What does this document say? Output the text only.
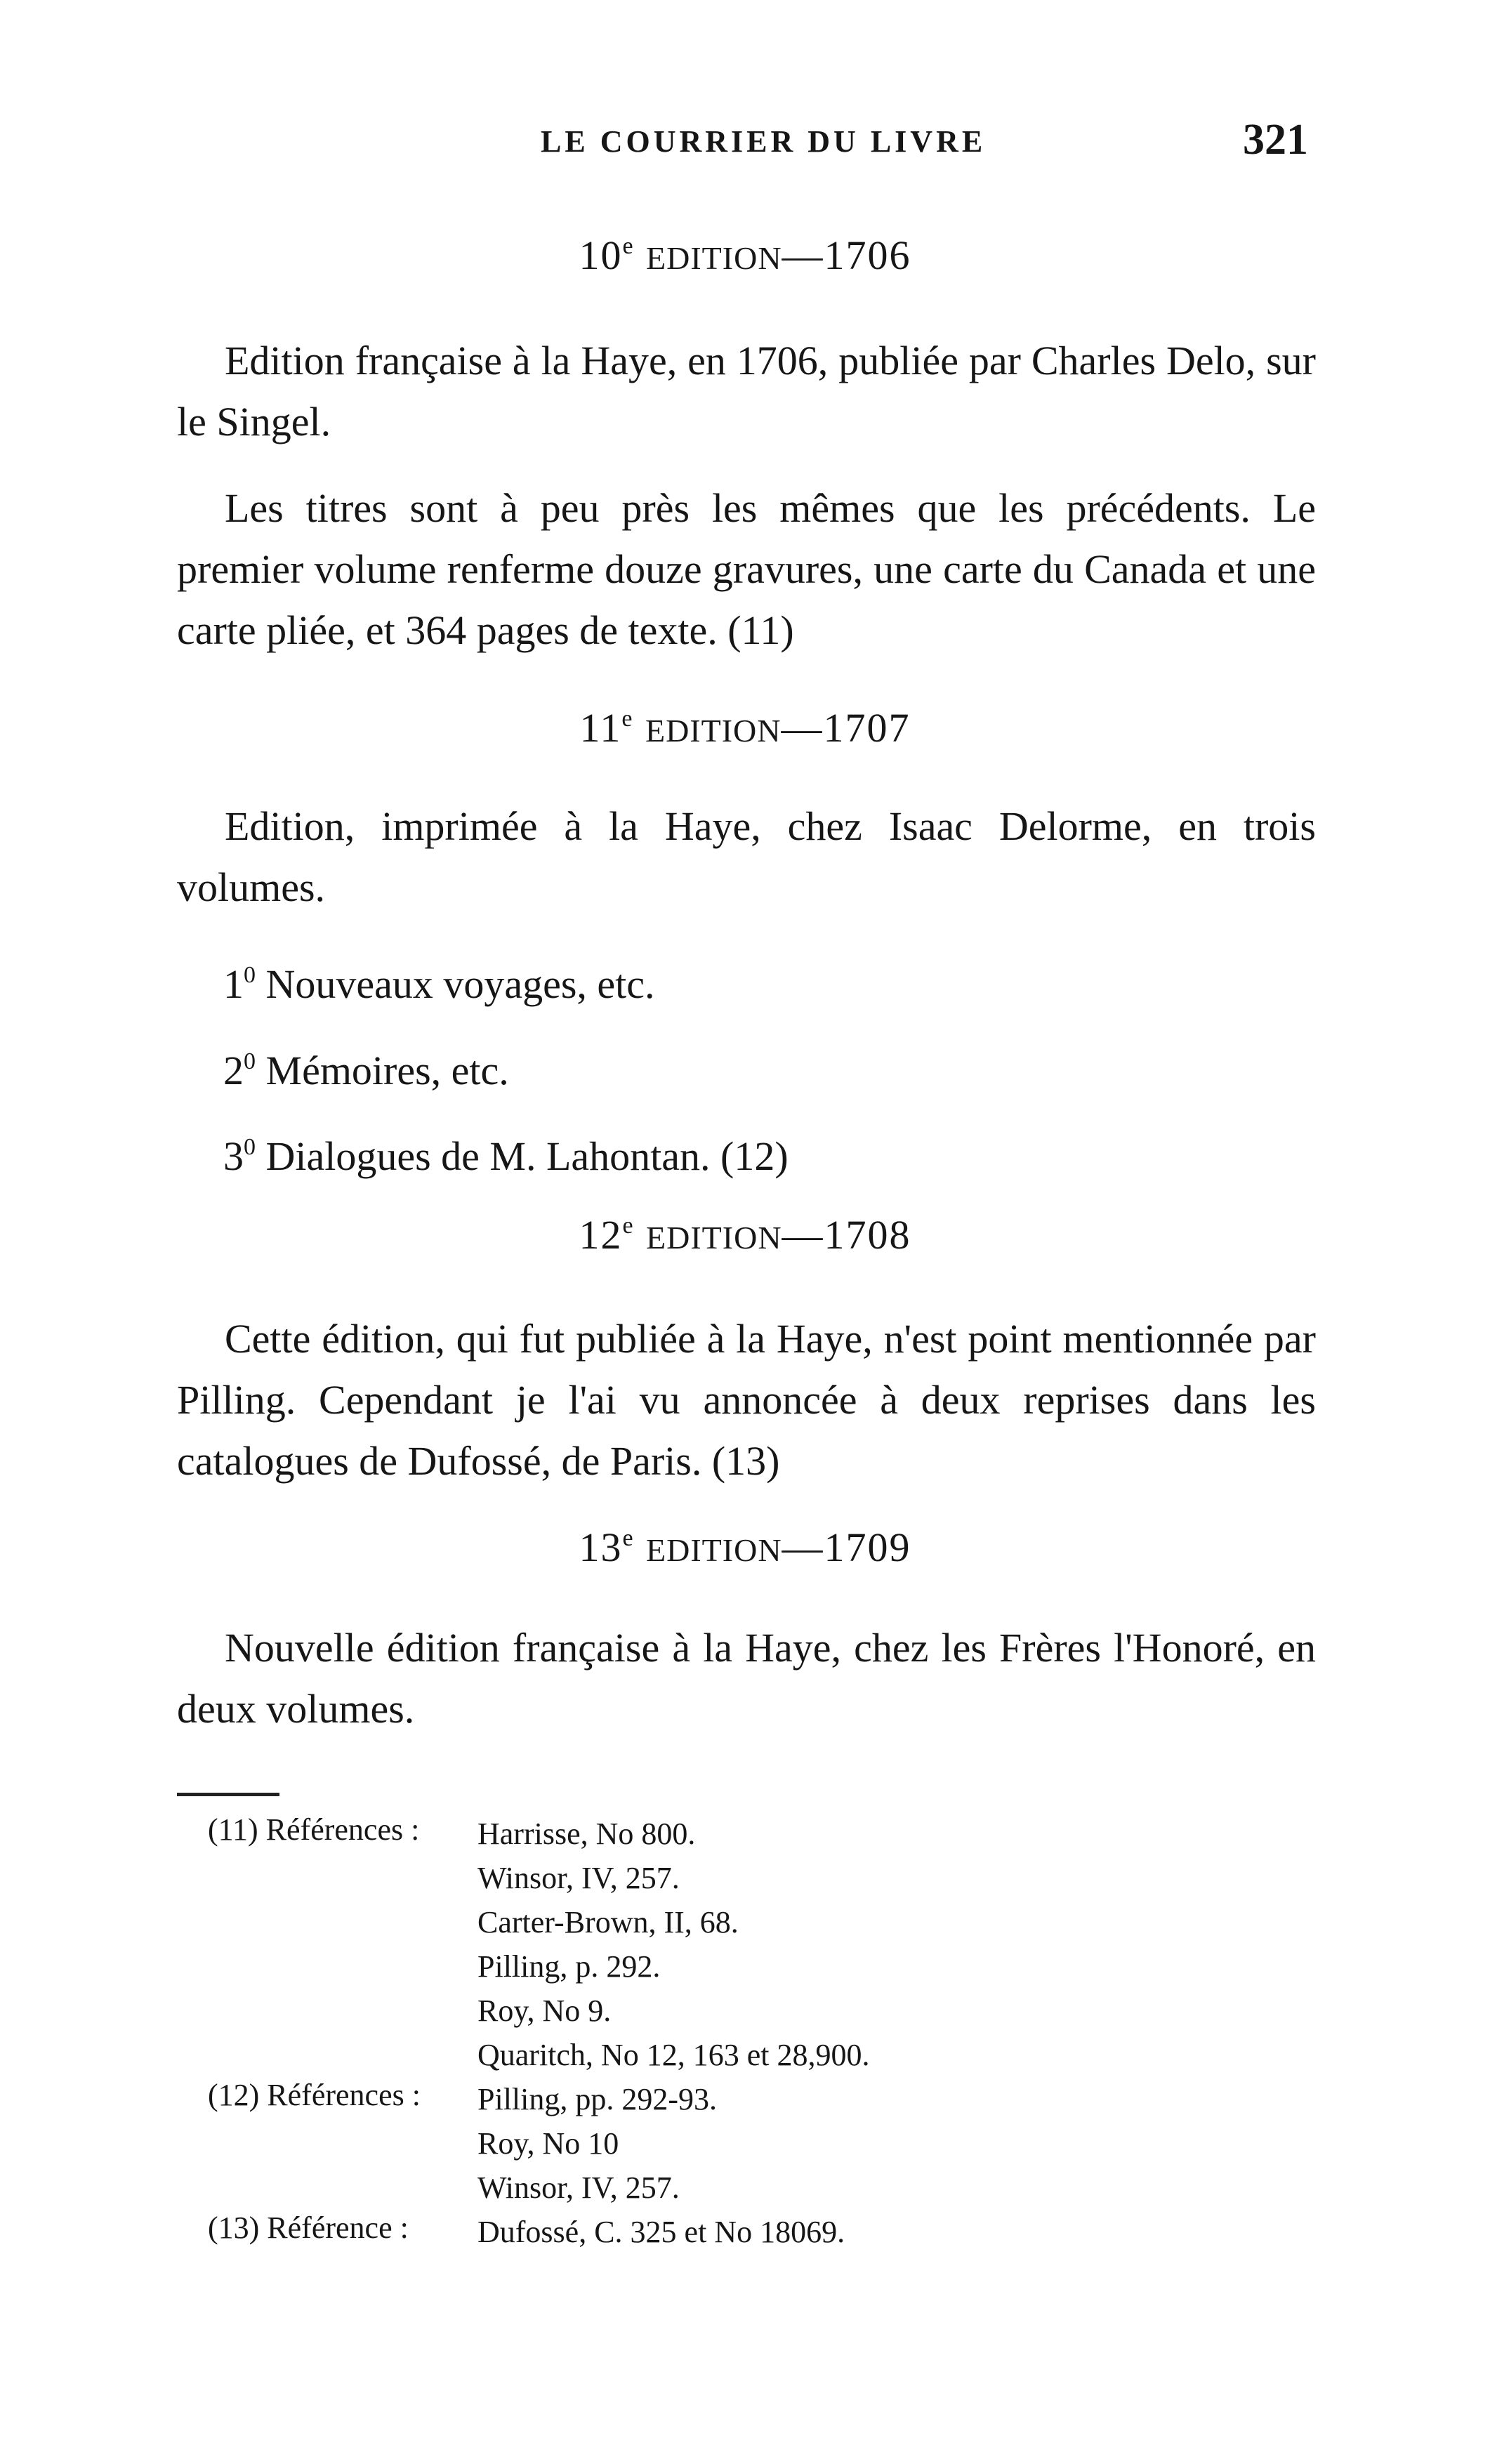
LE COURRIER DU LIVRE	321
10e EDITION—1706

Edition française à la Haye, en 1706, publiée par Charles Delo, sur le Singel.

Les titres sont à peu près les mêmes que les précédents. Le premier volume renferme douze gravures, une carte du Canada et une carte pliée, et 364 pages de texte. (11)

11e EDITION—1707

Edition, imprimée à la Haye, chez Isaac Delorme, en trois volumes.

$1^0$ Nouveaux voyages, etc.
$2^0$ Mémoires, etc.
$3^0$ Dialogues de M. Lahontan. (12)
12e EDITION—1708

Cette édition, qui fut publiée à la Haye, n'est point mentionnée par Pilling. Cependant je l'ai vu annoncée à deux reprises dans les catalogues de Dufossé, de Paris. (13)

13e EDITION—1709

Nouvelle édition française à la Haye, chez les Frères l'Honoré, en deux volumes.

(11) Références : Harrisse, No 800.
Winsor, IV, 257.
Carter-Brown, II, 68.
Pilling, p. 292.
Roy, No 9.
Quaritch, No 12, 163 et 28,900.
(12) Références : Pilling, pp. 292-93.
Roy, No 10
Winsor, IV, 257.
(13) Référence : Dufossé, C. 325 et No 18069.
